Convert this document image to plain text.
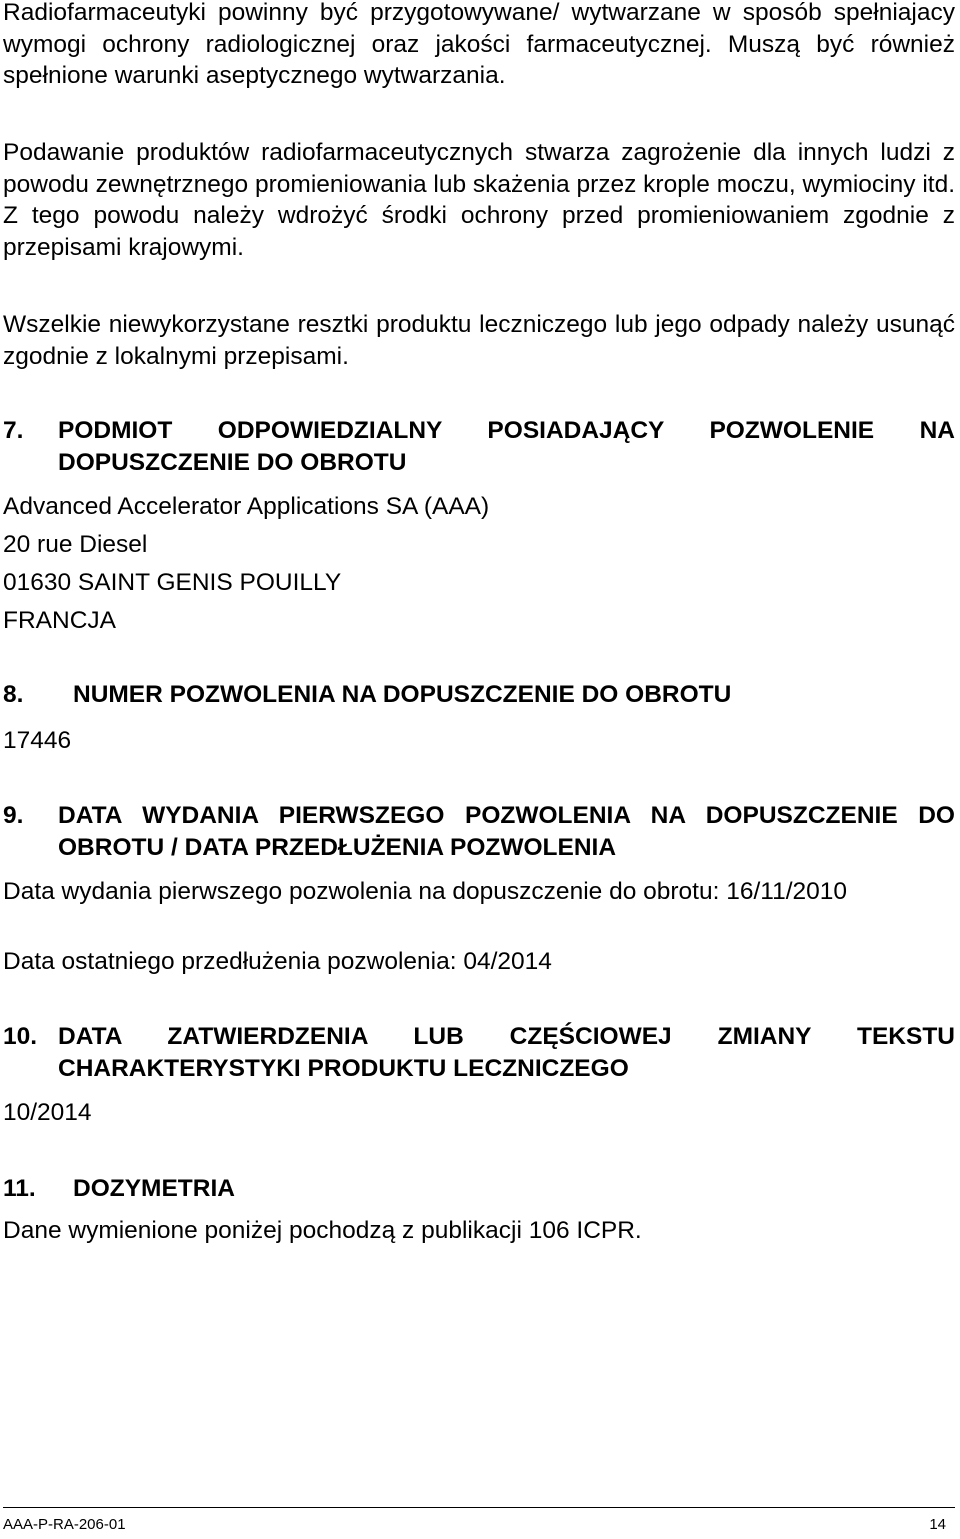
Radiofarmaceutyki powinny być przygotowywane/ wytwarzane w sposób spełniajacy wymogi ochrony radiologicznej oraz jakości farmaceutycznej. Muszą być również spełnione warunki aseptycznego wytwarzania.

Podawanie produktów radiofarmaceutycznych stwarza zagrożenie dla innych ludzi z powodu zewnętrznego promieniowania lub skażenia przez krople moczu, wymiociny itd. Z tego powodu należy wdrożyć środki ochrony przed promieniowaniem zgodnie z przepisami krajowymi.

Wszelkie niewykorzystane resztki produktu leczniczego lub jego odpady należy usunąć zgodnie z lokalnymi przepisami.

7.	PODMIOT ODPOWIEDZIALNY POSIADAJĄCY POZWOLENIE NA DOPUSZCZENIE DO OBROTU

Advanced Accelerator Applications SA (AAA)

20 rue Diesel

01630 SAINT GENIS POUILLY

FRANCJA

8.	NUMER POZWOLENIA NA DOPUSZCZENIE DO OBROTU

17446

9.	DATA WYDANIA PIERWSZEGO POZWOLENIA NA DOPUSZCZENIE DO OBROTU / DATA PRZEDŁUŻENIA POZWOLENIA

Data wydania pierwszego pozwolenia na dopuszczenie do obrotu: 16/11/2010

Data ostatniego przedłużenia pozwolenia: 04/2014

10. DATA ZATWIERDZENIA LUB CZĘŚCIOWEJ ZMIANY TEKSTU CHARAKTERYSTYKI PRODUKTU LECZNICZEGO

10/2014

11.	DOZYMETRIA

Dane wymienione poniżej pochodzą z publikacji 106 ICPR.

AAA-P-RA-206-01	14
